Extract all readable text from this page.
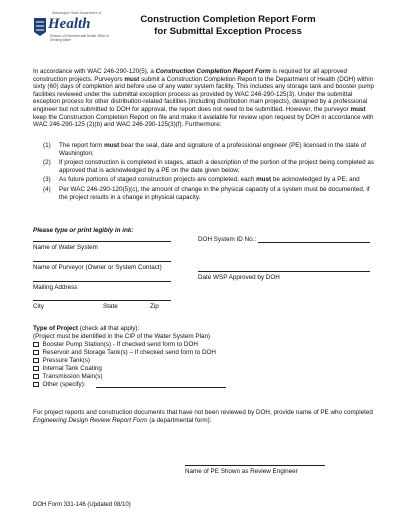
Washington State Department of
Health
Division of Environmental Health Office of Drinking Water
Construction Completion Report Form
for Submittal Exception Process
In accordance with WAC 246-290-120(5), a Construction Completion Report Form is required for all approved construction projects. Purveyors must submit a Construction Completion Report to the Department of Health (DOH) within sixty (60) days of completion and before use of any water system facility. This includes any storage tank and booster pump facilities reviewed under the submittal exception process as provided by WAC 246-290-125(3). Under the submittal exception process for other distribution-related facilities (including distribution main projects), designed by a professional engineer but not submitted to DOH for approval, the report does not need to be submitted. However, the purveyor must keep the Construction Completion Report on file and make it available for review upon request by DOH in accordance with WAC 246-290-125 (2)(b) and WAC 246-290-125(3)(f). Furthermore:
(1) The report form must bear the seal, date and signature of a professional engineer (PE) licensed in the state of Washington;
(2) If project construction is completed in stages, attach a description of the portion of the project being completed as approved that is acknowledged by a PE on the date given below;
(3) As future portions of staged construction projects are completed, each must be acknowledged by a PE; and
(4) Per WAC 246-290-120(5)(c), the amount of change in the physical capacity of a system must be documented, if the project results in a change in physical capacity.
Please type or print legibly in ink:
Name of Water System
DOH System ID No.:
Name of Purveyor (Owner or System Contact)
Date WSP Approved by DOH
Mailing Address
City	State	Zip
Type of Project (check all that apply):
(Project must be identified in the CIP of the Water System Plan)
Booster Pump Station(s) - If checked send form to DOH
Reservoir and Storage Tank(s) – If checked send form to DOH
Pressure Tank(s)
Internal Tank Coating
Transmission Main(s)
Other (specify):
For project reports and construction documents that have not been reviewed by DOH, provide name of PE who completed Engineering Design Review Report Form (a departmental form):
Name of PE Shown as Review Engineer
DOH Form 331-146 (Updated 08/10)
